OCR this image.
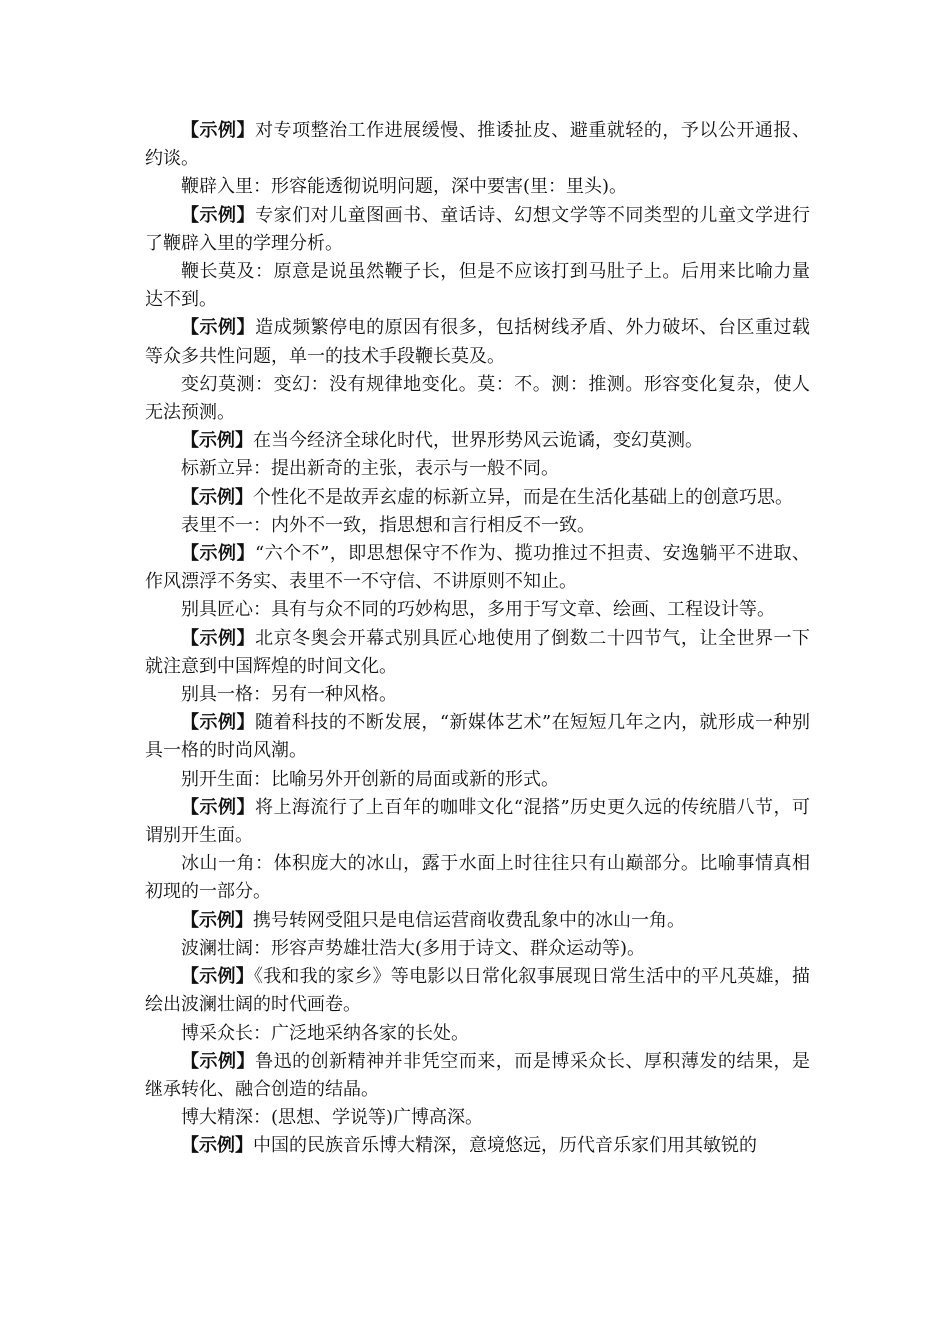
【示例】对专项整治工作进展缓慢、推诿扯皮、避重就轻的，予以公开通报、约谈。

鞭辟入里：形容能透彻说明问题，深中要害(里：里头)。

【示例】专家们对儿童图画书、童话诗、幻想文学等不同类型的儿童文学进行了鞭辟入里的学理分析。

鞭长莫及：原意是说虽然鞭子长，但是不应该打到马肚子上。后用来比喻力量达不到。

【示例】造成频繁停电的原因有很多，包括树线矛盾、外力破坏、台区重过载等众多共性问题，单一的技术手段鞭长莫及。

变幻莫测：变幻：没有规律地变化。莫：不。测：推测。形容变化复杂，使人无法预测。

【示例】在当今经济全球化时代，世界形势风云诡谲，变幻莫测。

标新立异：提出新奇的主张，表示与一般不同。

【示例】个性化不是故弄玄虚的标新立异，而是在生活化基础上的创意巧思。

表里不一：内外不一致，指思想和言行相反不一致。

【示例】“六个不”，即思想保守不作为、揽功推过不担责、安逸躺平不进取、作风漂浮不务实、表里不一不守信、不讲原则不知止。

别具匠心：具有与众不同的巧妙构思，多用于写文章、绘画、工程设计等。

【示例】北京冬奥会开幕式别具匠心地使用了倒数二十四节气，让全世界一下就注意到中国辉煌的时间文化。

别具一格：另有一种风格。

【示例】随着科技的不断发展，“新媒体艺术”在短短几年之内，就形成一种别具一格的时尚风潮。

别开生面：比喻另外开创新的局面或新的形式。

【示例】将上海流行了上百年的咖啡文化“混搭”历史更久远的传统腊八节，可谓别开生面。

冰山一角：体积庞大的冰山，露于水面上时往往只有山巅部分。比喻事情真相初现的一部分。

【示例】携号转网受阻只是电信运营商收费乱象中的冰山一角。

波澜壮阔：形容声势雄壮浩大(多用于诗文、群众运动等)。

【示例】《我和我的家乡》等电影以日常化叙事展现日常生活中的平凡英雄，描绘出波澜壮阔的时代画卷。

博采众长：广泛地采纳各家的长处。

【示例】鲁迅的创新精神并非凭空而来，而是博采众长、厚积薄发的结果，是继承转化、融合创造的结晶。

博大精深：(思想、学说等)广博高深。

【示例】中国的民族音乐博大精深，意境悠远，历代音乐家们用其敏锐的
